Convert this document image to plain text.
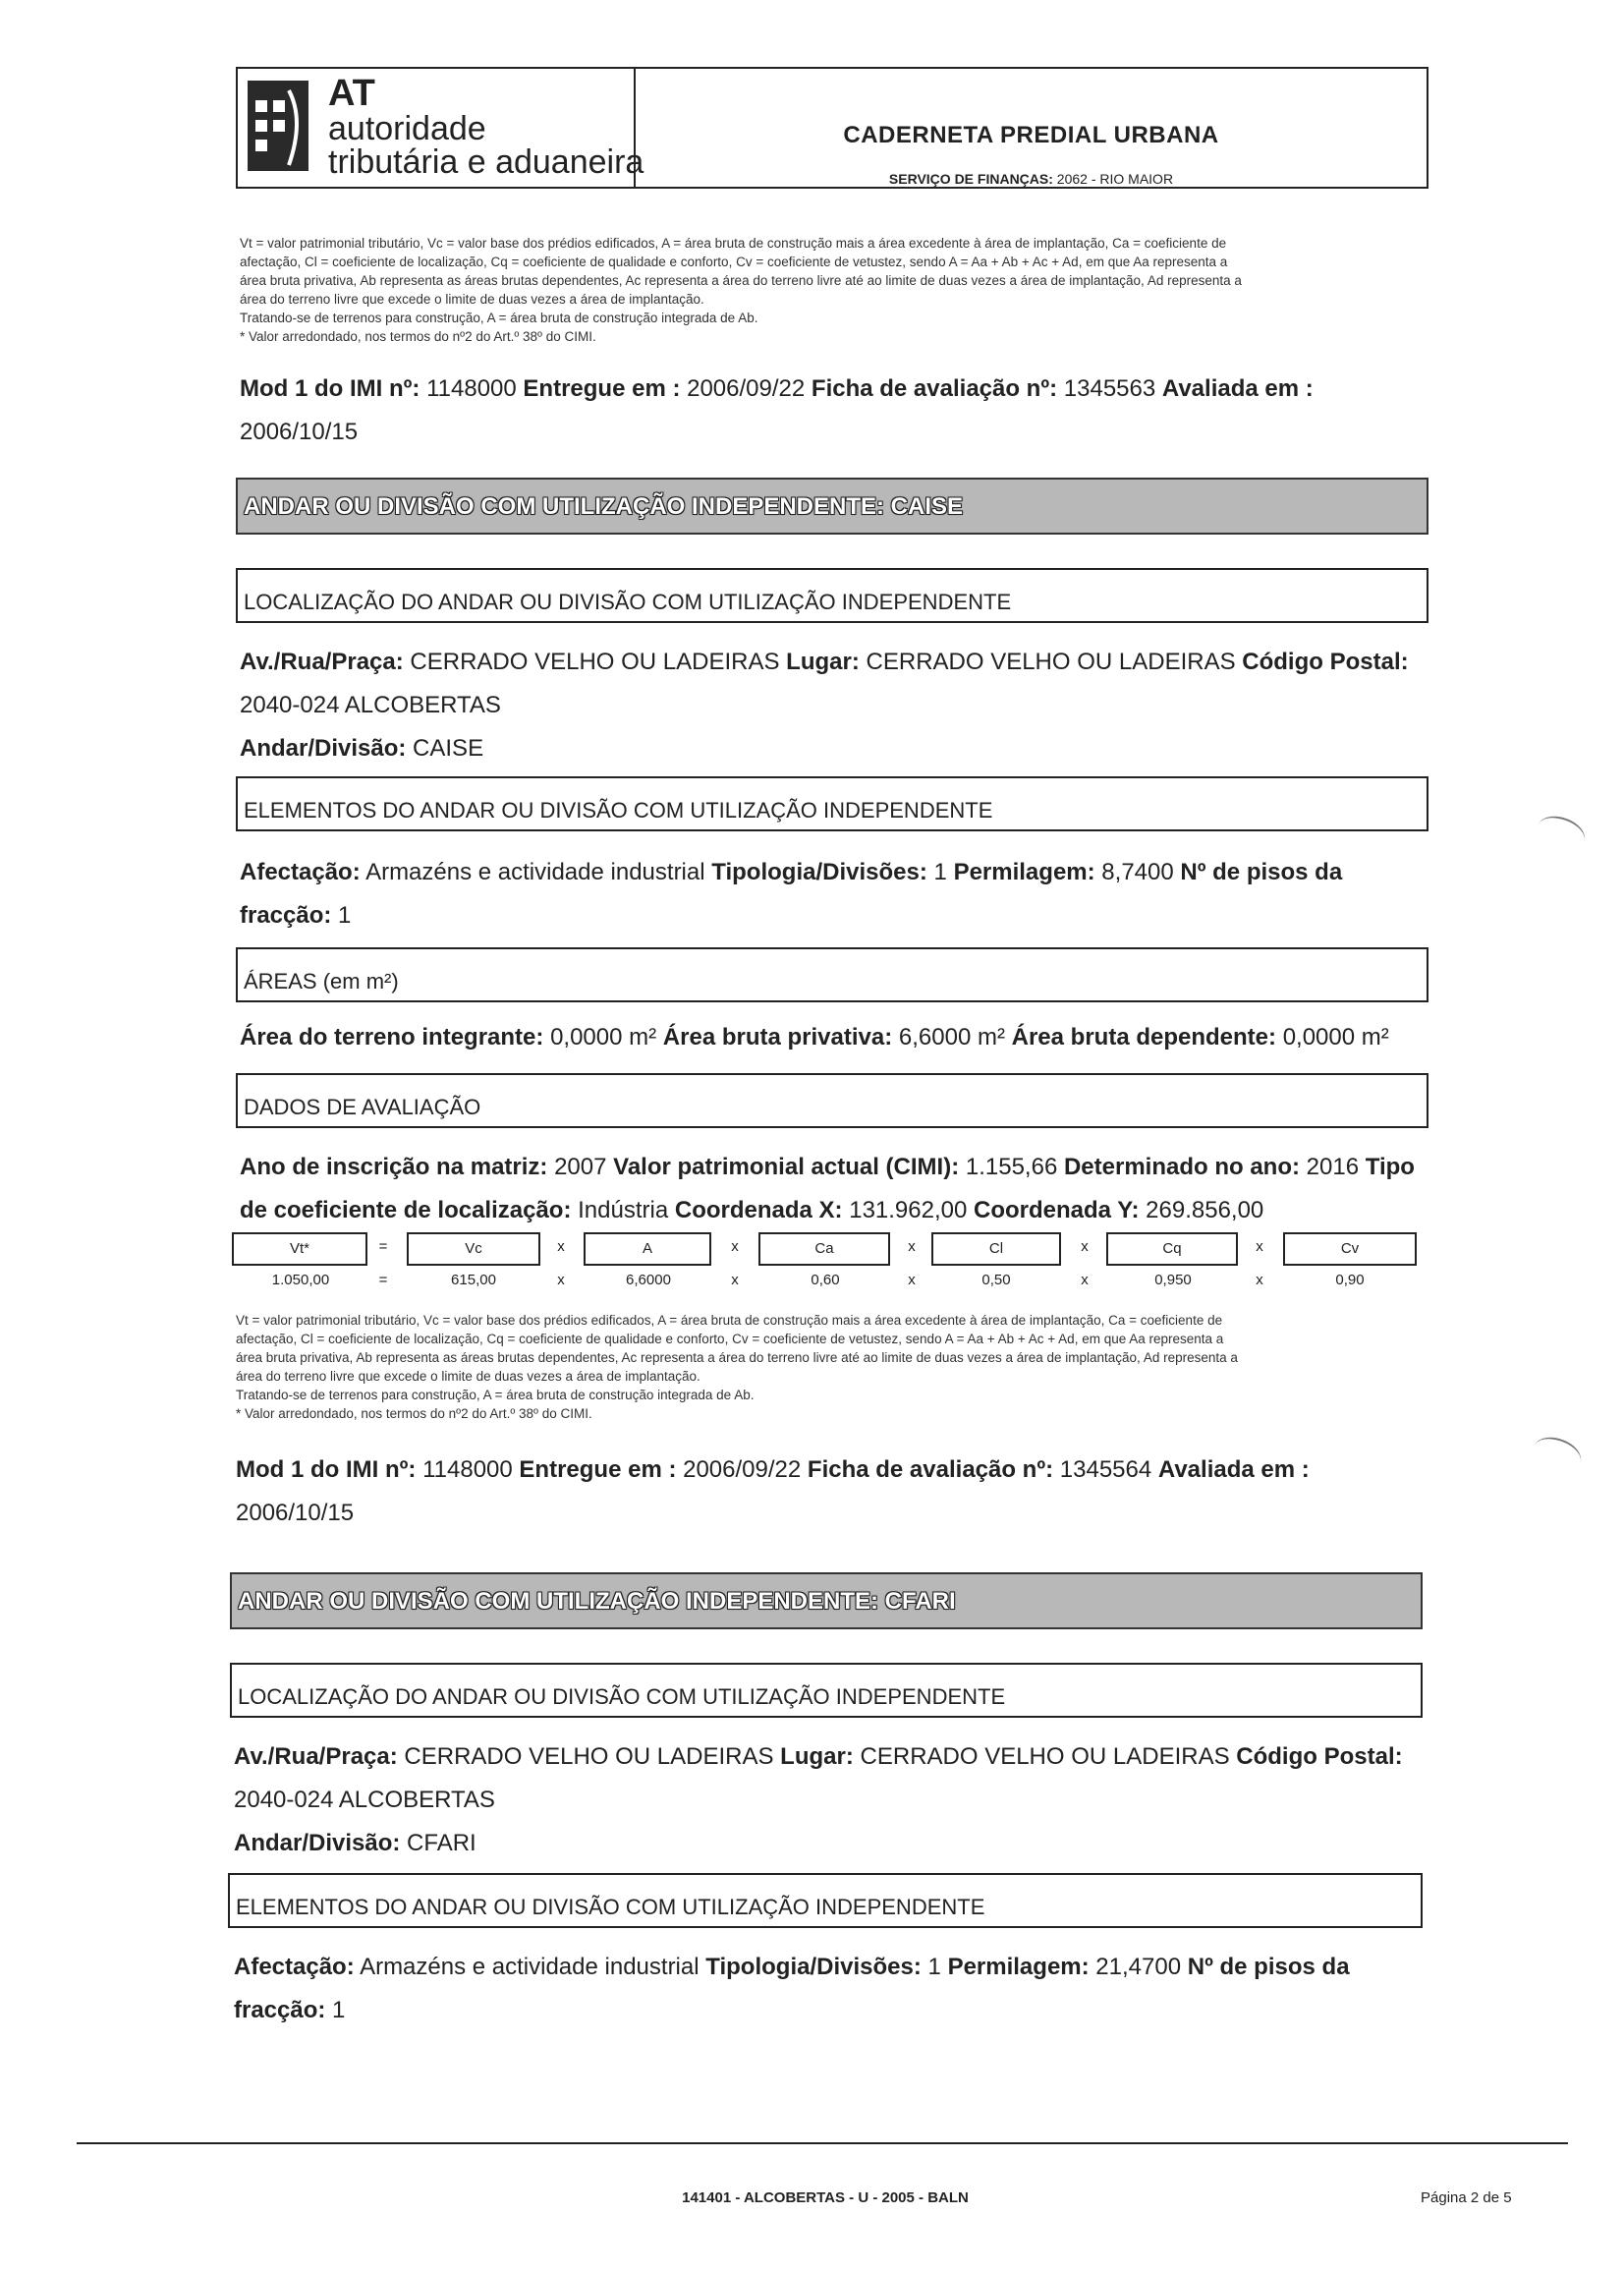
AT
autoridade
tributária e aduaneira
CADERNETA PREDIAL URBANA
SERVIÇO DE FINANÇAS: 2062 - RIO MAIOR

Vt = valor patrimonial tributário, Vc = valor base dos prédios edificados, A = área bruta de construção mais a área excedente à área de implantação, Ca = coeficiente de

afectação, Cl = coeficiente de localização, Cq = coeficiente de qualidade e conforto, Cv = coeficiente de vetustez, sendo A = Aa + Ab + Ac + Ad, em que Aa representa a

área bruta privativa, Ab representa as áreas brutas dependentes, Ac representa a área do terreno livre até ao limite de duas vezes a área de implantação, Ad representa a

área do terreno livre que excede o limite de duas vezes a área de implantação.

Tratando-se de terrenos para construção, A = área bruta de construção integrada de Ab.

* Valor arredondado, nos termos do nº2 do Art.º 38º do CIMI.

Mod 1 do IMI nº: 1148000 Entregue em : 2006/09/22 Ficha de avaliação nº: 1345563 Avaliada em :
2006/10/15
ANDAR OU DIVISÃO COM UTILIZAÇÃO INDEPENDENTE: CAISE
LOCALIZAÇÃO DO ANDAR OU DIVISÃO COM UTILIZAÇÃO INDEPENDENTE
Av./Rua/Praça: CERRADO VELHO OU LADEIRAS Lugar: CERRADO VELHO OU LADEIRAS Código Postal:
2040-024 ALCOBERTAS
Andar/Divisão: CAISE
ELEMENTOS DO ANDAR OU DIVISÃO COM UTILIZAÇÃO INDEPENDENTE
Afectação: Armazéns e actividade industrial Tipologia/Divisões: 1 Permilagem: 8,7400 Nº de pisos da
fracção: 1
ÁREAS (em m²)
Área do terreno integrante: 0,0000 m² Área bruta privativa: 6,6000 m² Área bruta dependente: 0,0000 m²
DADOS DE AVALIAÇÃO
Ano de inscrição na matriz: 2007 Valor patrimonial actual (CIMI): 1.155,66 Determinado no ano: 2016 Tipo
de coeficiente de localização: Indústria Coordenada X: 131.962,00 Coordenada Y: 269.856,00
Vt*	=	Vc	x	A	x	Ca	x	Cl	x	Cq	x	Cv
1.050,00	=	615,00	x	6,6000	x	0,60	x	0,50	x	0,950	x	0,90

Vt = valor patrimonial tributário, Vc = valor base dos prédios edificados, A = área bruta de construção mais a área excedente à área de implantação, Ca = coeficiente de

afectação, Cl = coeficiente de localização, Cq = coeficiente de qualidade e conforto, Cv = coeficiente de vetustez, sendo A = Aa + Ab + Ac + Ad, em que Aa representa a

área bruta privativa, Ab representa as áreas brutas dependentes, Ac representa a área do terreno livre até ao limite de duas vezes a área de implantação, Ad representa a

área do terreno livre que excede o limite de duas vezes a área de implantação.

Tratando-se de terrenos para construção, A = área bruta de construção integrada de Ab.

* Valor arredondado, nos termos do nº2 do Art.º 38º do CIMI.

Mod 1 do IMI nº: 1148000 Entregue em : 2006/09/22 Ficha de avaliação nº: 1345564 Avaliada em :
2006/10/15
ANDAR OU DIVISÃO COM UTILIZAÇÃO INDEPENDENTE: CFARI
LOCALIZAÇÃO DO ANDAR OU DIVISÃO COM UTILIZAÇÃO INDEPENDENTE
Av./Rua/Praça: CERRADO VELHO OU LADEIRAS Lugar: CERRADO VELHO OU LADEIRAS Código Postal:
2040-024 ALCOBERTAS
Andar/Divisão: CFARI
ELEMENTOS DO ANDAR OU DIVISÃO COM UTILIZAÇÃO INDEPENDENTE
Afectação: Armazéns e actividade industrial Tipologia/Divisões: 1 Permilagem: 21,4700 Nº de pisos da
fracção: 1
141401 - ALCOBERTAS - U - 2005 - BALN	Página 2 de 5
